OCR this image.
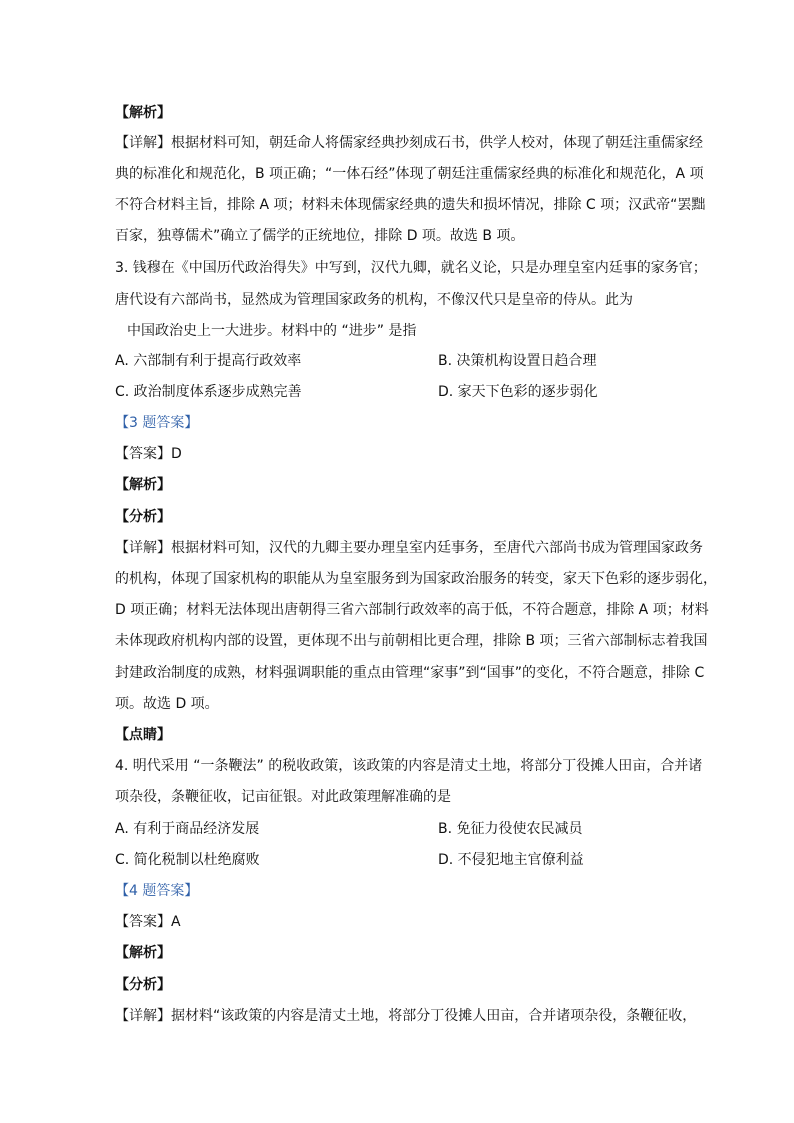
【解析】
【详解】根据材料可知，朝廷命人将儒家经典抄刻成石书，供学人校对，体现了朝廷注重儒家经
典的标准化和规范化，B 项正确；“一体石经”体现了朝廷注重儒家经典的标准化和规范化，A 项
不符合材料主旨，排除 A 项；材料未体现儒家经典的遗失和损坏情况，排除 C 项；汉武帝“罢黜
百家，独尊儒术”确立了儒学的正统地位，排除 D 项。故选 B 项。
3. 钱穆在《中国历代政治得失》中写到，汉代九卿，就名义论，只是办理皇室内廷事的家务官；
唐代设有六部尚书，显然成为管理国家政务的机构，不像汉代只是皇帝的侍从。此为
中国政治史上一大进步。材料中的 “进步” 是指
A. 六部制有利于提高行政效率	B. 决策机构设置日趋合理
C. 政治制度体系逐步成熟完善	D. 家天下色彩的逐步弱化
【3 题答案】
【答案】D
【解析】
【分析】
【详解】根据材料可知，汉代的九卿主要办理皇室内廷事务，至唐代六部尚书成为管理国家政务
的机构，体现了国家机构的职能从为皇室服务到为国家政治服务的转变，家天下色彩的逐步弱化，
D 项正确；材料无法体现出唐朝得三省六部制行政效率的高于低，不符合题意，排除 A 项；材料
未体现政府机构内部的设置，更体现不出与前朝相比更合理，排除 B 项；三省六部制标志着我国
封建政治制度的成熟，材料强调职能的重点由管理“家事”到“国事”的变化，不符合题意，排除 C
项。故选 D 项。
【点睛】
4. 明代采用 “一条鞭法” 的税收政策，该政策的内容是清丈土地，将部分丁役摊人田亩，合并诸
项杂役，条鞭征收，记亩征银。对此政策理解准确的是
A. 有利于商品经济发展	B. 免征力役使农民减员
C. 简化税制以杜绝腐败	D. 不侵犯地主官僚利益
【4 题答案】
【答案】A
【解析】
【分析】
【详解】据材料“该政策的内容是清丈土地，将部分丁役摊人田亩，合并诸项杂役，条鞭征收，
